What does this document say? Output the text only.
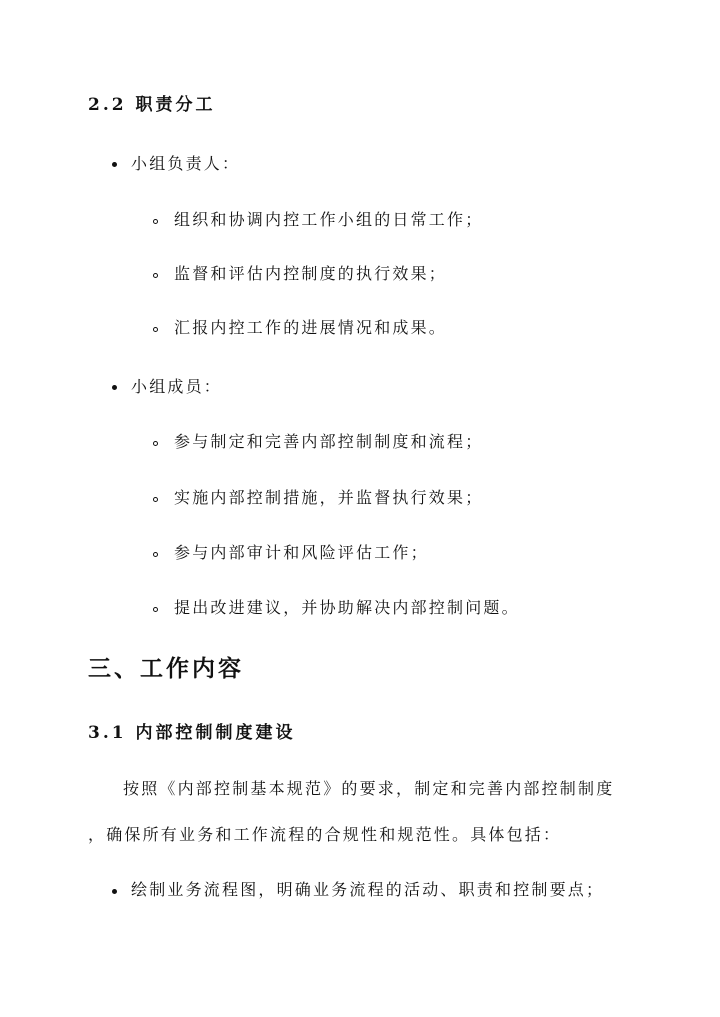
2.2 职责分工
小组负责人：
组织和协调内控工作小组的日常工作；
监督和评估内控制度的执行效果；
汇报内控工作的进展情况和成果。
小组成员：
参与制定和完善内部控制制度和流程；
实施内部控制措施，并监督执行效果；
参与内部审计和风险评估工作；
提出改进建议，并协助解决内部控制问题。
三、工作内容
3.1 内部控制制度建设
按照《内部控制基本规范》的要求，制定和完善内部控制制度
，确保所有业务和工作流程的合规性和规范性。具体包括：
绘制业务流程图，明确业务流程的活动、职责和控制要点；
